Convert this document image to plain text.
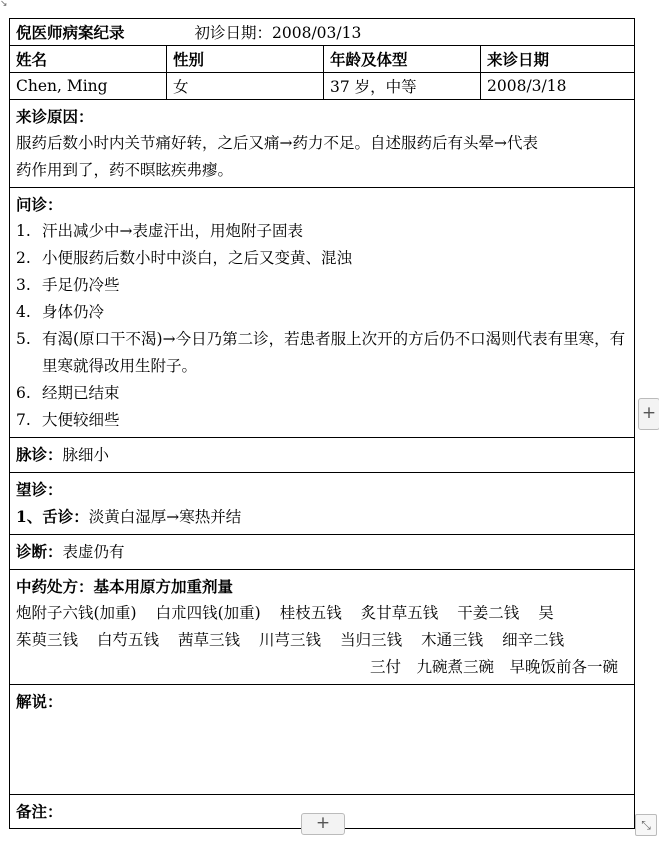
↘
倪医师病案纪录	初诊日期：2008/03/13
姓名	性别	年龄及体型	来诊日期
Chen, Ming	女	37 岁，中等	2008/3/18
来诊原因：
服药后数小时内关节痛好转，之后又痛→药力不足。自述服药后有头晕→代表
药作用到了，药不暝眩疾弗瘳。
问诊：
1. 汗出减少中→表虚汗出，用炮附子固表
2. 小便服药后数小时中淡白，之后又变黄、混浊
3. 手足仍冷些
4. 身体仍冷
5. 有渴(原口干不渴)→今日乃第二诊，若患者服上次开的方后仍不口渴则代表有里寒，有里寒就得改用生附子。
6. 经期已结束
7. 大便较细些
脉诊：脉细小
望诊：
1、舌诊：淡黄白湿厚→寒热并结
诊断：表虚仍有
中药处方：基本用原方加重剂量
炮附子六钱(加重) 白朮四钱(加重) 桂枝五钱 炙甘草五钱 干姜二钱 吴
茱萸三钱 白芍五钱 茜草三钱 川芎三钱 当归三钱 木通三钱 细辛二 钱
三付　九碗煮三碗　早晚饭前各一碗
解说：
备注：
+
+	⤡
